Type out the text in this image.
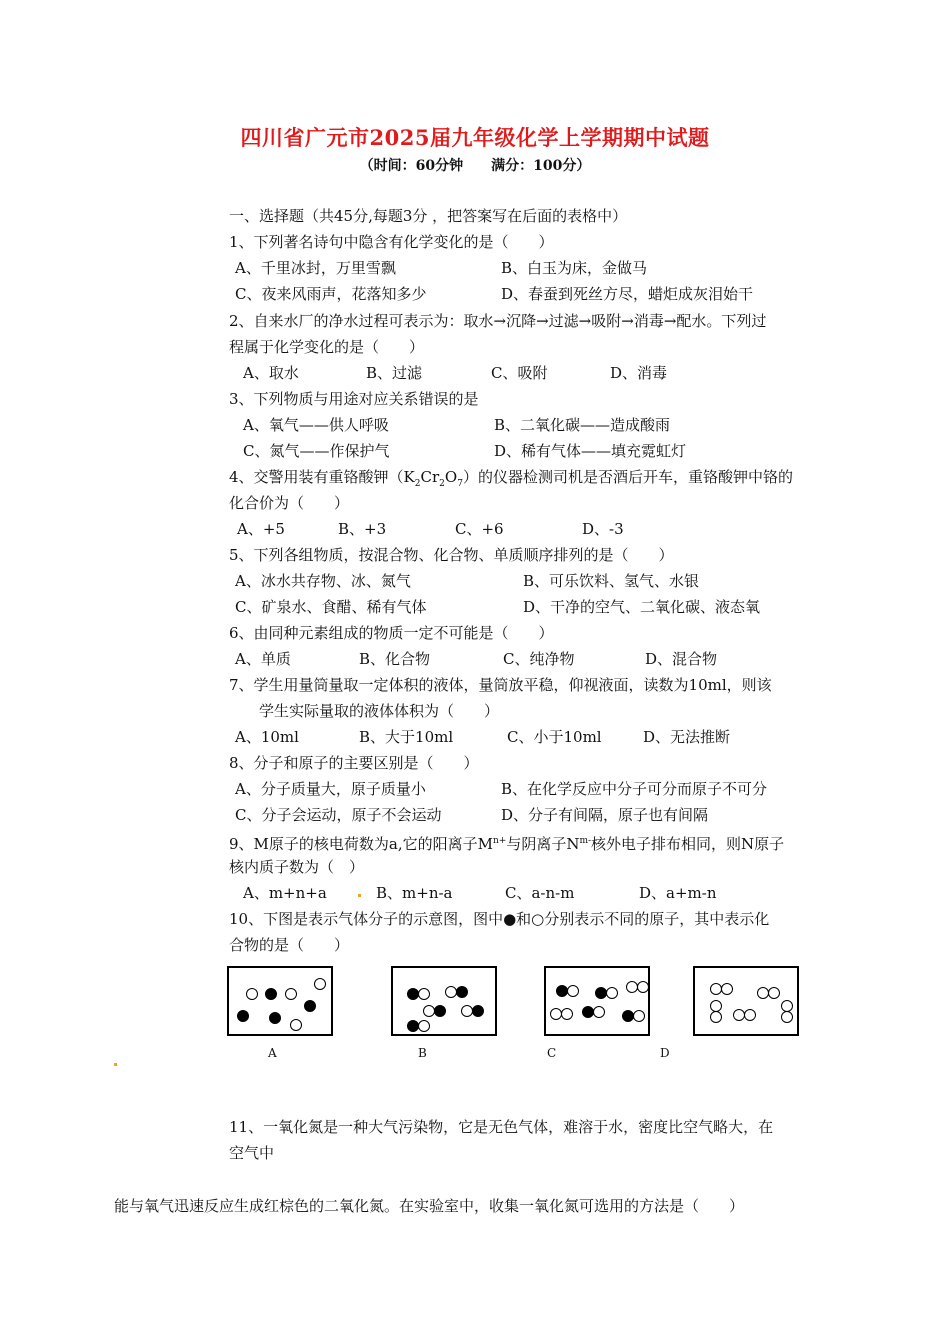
四川省广元市2025届九年级化学上学期期中试题
（时间：60分钟　　满分：100分）
一、选择题（共45分,每题3分 ，把答案写在后面的表格中）
1、下列著名诗句中隐含有化学变化的是（　　）
A、千里冰封，万里雪飘	B、白玉为床，金做马
C、夜来风雨声，花落知多少	D、春蚕到死丝方尽，蜡炬成灰泪始干
2、自来水厂的净水过程可表示为：取水→沉降→过滤→吸附→消毒→配水。下列过
程属于化学变化的是（　　）
A、取水	B、过滤	C、吸附	D、消毒
3、下列物质与用途对应关系错误的是
A、氧气——供人呼吸	B、二氧化碳——造成酸雨
C、氮气——作保护气	D、稀有气体——填充霓虹灯
4、交警用装有重铬酸钾$(K_2Cr_2O_7)$的仪器检测司机是否酒后开车，重铬酸钾中铬的
化合价为（　　）
A、+5	B、+3	C、+6	D、-3
5、下列各组物质，按混合物、化合物、单质顺序排列的是（　　）
A、冰水共存物、冰、氮气	B、可乐饮料、氢气、水银
C、矿泉水、食醋、稀有气体	D、干净的空气、二氧化碳、液态氧
6、由同种元素组成的物质一定不可能是（　　）
A、单质	B、化合物	C、纯净物	D、混合物
7、学生用量筒量取一定体积的液体，量筒放平稳，仰视液面，读数为10ml，则该
学生实际量取的液体体积为（　　）
A、10ml	B、大于10ml	C、小于10ml	D、无法推断
8、分子和原子的主要区别是（　　）
A、分子质量大，原子质量小	B、在化学反应中分子可分而原子不可分
C、分子会运动，原子不会运动	D、分子有间隔，原子也有间隔
9、M原子的核电荷数为a,它的阳离子$M^{n+}$与阴离子$N^{m-}$核外电子排布相同，则N原子
核内质子数为（　）
A、m+n+a	B、m+n-a	C、a-n-m	D、a+m-n
10、下图是表示气体分子的示意图，图中●和○分别表示不同的原子，其中表示化
合物的是（　　）
A	B	C	D
11、一氧化氮是一种大气污染物，它是无色气体，难溶于水，密度比空气略大，在
空气中
能与氧气迅速反应生成红棕色的二氧化氮。在实验室中，收集一氧化氮可选用的方法是（　　）
